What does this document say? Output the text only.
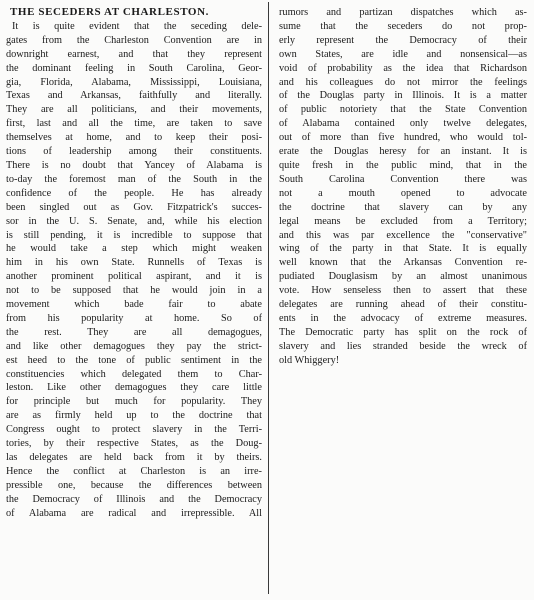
THE SECEDERS AT CHARLESTON.
It is quite evident that the seceding dele-
gates from the Charleston Convention are in
downright earnest, and that they represent
the dominant feeling in South Carolina, Geor-
gia, Florida, Alabama, Mississippi, Louisiana,
Texas and Arkansas, faithfully and literally.
They are all politicians, and their movements,
first, last and all the time, are taken to save
themselves at home, and to keep their posi-
tions of leadership among their constituents.
There is no doubt that Yancey of Alabama is
to-day the foremost man of the South in the
confidence of the people. He has already
been singled out as Gov. Fitzpatrick's succes-
sor in the U. S. Senate, and, while his election
is still pending, it is incredible to suppose that
he would take a step which might weaken
him in his own State. Runnells of Texas is
another prominent political aspirant, and it is
not to be supposed that he would join in a
movement which bade fair to abate
from his popularity at home. So of
the rest. They are all demagogues,
and like other demagogues they pay the strict-
est heed to the tone of public sentiment in the
constituencies which delegated them to Char-
leston. Like other demagogues they care little
for principle but much for popularity. They
are as firmly held up to the doctrine that
Congress ought to protect slavery in the Terri-
tories, by their respective States, as the Doug-
las delegates are held back from it by theirs.
Hence the conflict at Charleston is an irre-
pressible one, because the differences between
the Democracy of Illinois and the Democracy
of Alabama are radical and irrepressible. All
rumors and partizan dispatches which as-
sume that the seceders do not prop-
erly represent the Democracy of their
own States, are idle and nonsensical—as
void of probability as the idea that Richardson
and his colleagues do not mirror the feelings
of the Douglas party in Illinois. It is a matter
of public notoriety that the State Convention
of Alabama contained only twelve delegates,
out of more than five hundred, who would tol-
erate the Douglas heresy for an instant. It is
quite fresh in the public mind, that in the
South Carolina Convention there was
not a mouth opened to advocate
the doctrine that slavery can by any
legal means be excluded from a Territory;
and this was par excellence the "conservative"
wing of the party in that State. It is equally
well known that the Arkansas Convention re-
pudiated Douglasism by an almost unanimous
vote. How senseless then to assert that these
delegates are running ahead of their constitu-
ents in the advocacy of extreme measures.
The Democratic party has split on the rock of
slavery and lies stranded beside the wreck of
old Whiggery!
